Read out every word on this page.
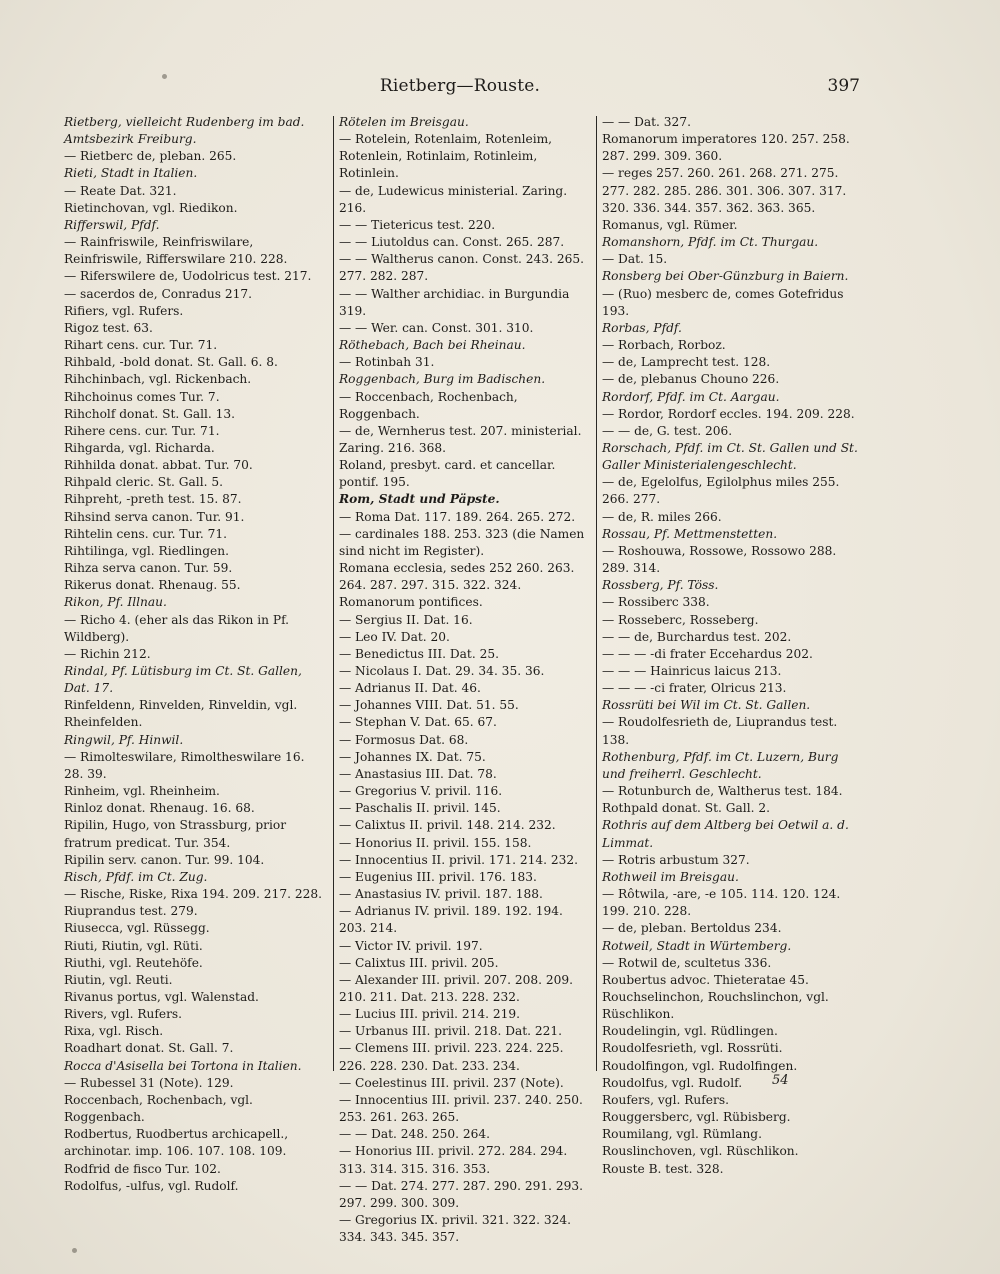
Rietberg—Rouste.	397
Rietberg, vielleicht Rudenberg im bad. Amtsbezirk Freiburg.
— Rietberc de, pleban. 265.
Rieti, Stadt in Italien.
— Reate Dat. 321.
Rietinchovan, vgl. Riedikon.
Rifferswil, Pfdf.
— Rainfriswile, Reinfriswilare, Reinfriswile, Rifferswilare 210. 228.
— Riferswilere de, Uodolricus test. 217.
— sacerdos de, Conradus 217.
Rifiers, vgl. Rufers.
Rigoz test. 63.
Rihart cens. cur. Tur. 71.
Rihbald, -bold donat. St. Gall. 6. 8.
Rihchinbach, vgl. Rickenbach.
Rihchoinus comes Tur. 7.
Rihcholf donat. St. Gall. 13.
Rihere cens. cur. Tur. 71.
Rihgarda, vgl. Richarda.
Rihhilda donat. abbat. Tur. 70.
Rihpald cleric. St. Gall. 5.
Rihpreht, -preth test. 15. 87.
Rihsind serva canon. Tur. 91.
Rihtelin cens. cur. Tur. 71.
Rihtilinga, vgl. Riedlingen.
Rihza serva canon. Tur. 59.
Rikerus donat. Rhenaug. 55.
Rikon, Pf. Illnau.
— Richo 4. (eher als das Rikon in Pf. Wildberg).
— Richin 212.
Rindal, Pf. Lütisburg im Ct. St. Gallen, Dat. 17.
Rinfeldenn, Rinvelden, Rinveldin, vgl. Rheinfelden.
Ringwil, Pf. Hinwil.
— Rimolteswilare, Rimoltheswilare 16. 28. 39.
Rinheim, vgl. Rheinheim.
Rinloz donat. Rhenaug. 16. 68.
Ripilin, Hugo, von Strassburg, prior fratrum predicat. Tur. 354.
Ripilin serv. canon. Tur. 99. 104.
Risch, Pfdf. im Ct. Zug.
— Rische, Riske, Rixa 194. 209. 217. 228.
Riuprandus test. 279.
Riusecca, vgl. Rüssegg.
Riuti, Riutin, vgl. Rüti.
Riuthi, vgl. Reutehöfe.
Riutin, vgl. Reuti.
Rivanus portus, vgl. Walenstad.
Rivers, vgl. Rufers.
Rixa, vgl. Risch.
Roadhart donat. St. Gall. 7.
Rocca d'Asisella bei Tortona in Italien.
— Rubessel 31 (Note). 129.
Roccenbach, Rochenbach, vgl. Roggenbach.
Rodbertus, Ruodbertus archicapell., archinotar. imp. 106. 107. 108. 109.
Rodfrid de fisco Tur. 102.
Rodolfus, -ulfus, vgl. Rudolf.
Rötelen im Breisgau.
— Rotelein, Rotenlaim, Rotenleim, Rotenlein, Rotinlaim, Rotinleim, Rotinlein.
— de, Ludewicus ministerial. Zaring. 216.
— — Tietericus test. 220.
— — Liutoldus can. Const. 265. 287.
— — Waltherus canon. Const. 243. 265. 277. 282. 287.
— — Walther archidiac. in Burgundia 319.
— — Wer. can. Const. 301. 310.
Röthebach, Bach bei Rheinau.
— Rotinbah 31.
Roggenbach, Burg im Badischen.
— Roccenbach, Rochenbach, Roggenbach.
— de, Wernherus test. 207. ministerial. Zaring. 216. 368.
Roland, presbyt. card. et cancellar. pontif. 195.
Rom, Stadt und Päpste.
— Roma Dat. 117. 189. 264. 265. 272.
— cardinales 188. 253. 323 (die Namen sind nicht im Register).
Romana ecclesia, sedes 252 260. 263. 264. 287. 297. 315. 322. 324.
Romanorum pontifices.
— Sergius II. Dat. 16.
— Leo IV. Dat. 20.
— Benedictus III. Dat. 25.
— Nicolaus I. Dat. 29. 34. 35. 36.
— Adrianus II. Dat. 46.
— Johannes VIII. Dat. 51. 55.
— Stephan V. Dat. 65. 67.
— Formosus Dat. 68.
— Johannes IX. Dat. 75.
— Anastasius III. Dat. 78.
— Gregorius V. privil. 116.
— Paschalis II. privil. 145.
— Calixtus II. privil. 148. 214. 232.
— Honorius II. privil. 155. 158.
— Innocentius II. privil. 171. 214. 232.
— Eugenius III. privil. 176. 183.
— Anastasius IV. privil. 187. 188.
— Adrianus IV. privil. 189. 192. 194. 203. 214.
— Victor IV. privil. 197.
— Calixtus III. privil. 205.
— Alexander III. privil. 207. 208. 209. 210. 211. Dat. 213. 228. 232.
— Lucius III. privil. 214. 219.
— Urbanus III. privil. 218. Dat. 221.
— Clemens III. privil. 223. 224. 225. 226. 228. 230. Dat. 233. 234.
— Coelestinus III. privil. 237 (Note).
— Innocentius III. privil. 237. 240. 250. 253. 261. 263. 265.
— — Dat. 248. 250. 264.
— Honorius III. privil. 272. 284. 294. 313. 314. 315. 316. 353.
— — Dat. 274. 277. 287. 290. 291. 293. 297. 299. 300. 309.
— Gregorius IX. privil. 321. 322. 324. 334. 343. 345. 357.
— — Dat. 327.
Romanorum imperatores 120. 257. 258. 287. 299. 309. 360.
— reges 257. 260. 261. 268. 271. 275. 277. 282. 285. 286. 301. 306. 307. 317. 320. 336. 344. 357. 362. 363. 365.
Romanus, vgl. Rümer.
Romanshorn, Pfdf. im Ct. Thurgau.
— Dat. 15.
Ronsberg bei Ober-Günzburg in Baiern.
— (Ruo) mesberc de, comes Gotefridus 193.
Rorbas, Pfdf.
— Rorbach, Rorboz.
— de, Lamprecht test. 128.
— de, plebanus Chouno 226.
Rordorf, Pfdf. im Ct. Aargau.
— Rordor, Rordorf eccles. 194. 209. 228.
— — de, G. test. 206.
Rorschach, Pfdf. im Ct. St. Gallen und St. Galler Ministerialengeschlecht.
— de, Egelolfus, Egilolphus miles 255. 266. 277.
— de, R. miles 266.
Rossau, Pf. Mettmenstetten.
— Roshouwa, Rossowe, Rossowo 288. 289. 314.
Rossberg, Pf. Töss.
— Rossiberc 338.
— Rosseberc, Rosseberg.
— — de, Burchardus test. 202.
— — — -di frater Eccehardus 202.
— — — Hainricus laicus 213.
— — — -ci frater, Olricus 213.
Rossrüti bei Wil im Ct. St. Gallen.
— Roudolfesrieth de, Liuprandus test. 138.
Rothenburg, Pfdf. im Ct. Luzern, Burg und freiherrl. Geschlecht.
— Rotunburch de, Waltherus test. 184.
Rothpald donat. St. Gall. 2.
Rothris auf dem Altberg bei Oetwil a. d. Limmat.
— Rotris arbustum 327.
Rothweil im Breisgau.
— Rôtwila, -are, -e 105. 114. 120. 124. 199. 210. 228.
— de, pleban. Bertoldus 234.
Rotweil, Stadt in Würtemberg.
— Rotwil de, scultetus 336.
Roubertus advoc. Thieteratae 45.
Rouchselinchon, Rouchslinchon, vgl. Rüschlikon.
Roudelingin, vgl. Rüdlingen.
Roudolfesrieth, vgl. Rossrüti.
Roudolfingon, vgl. Rudolfingen.
Roudolfus, vgl. Rudolf.
Roufers, vgl. Rufers.
Rouggersberc, vgl. Rübisberg.
Roumilang, vgl. Rümlang.
Rouslinchoven, vgl. Rüschlikon.
Rouste B. test. 328.
54
